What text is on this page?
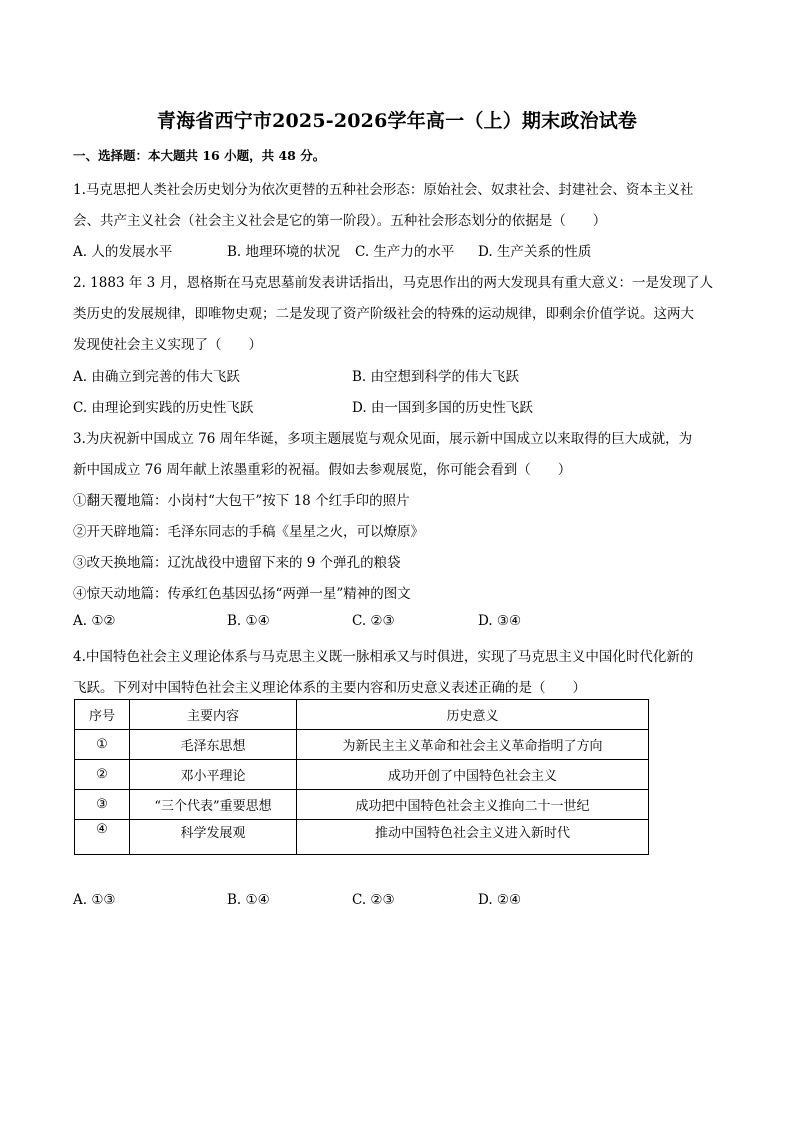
青海省西宁市2025-2026学年高一（上）期末政治试卷
一、选择题：本大题共 16 小题，共 48 分。
1.马克思把人类社会历史划分为依次更替的五种社会形态：原始社会、奴隶社会、封建社会、资本主义社
会、共产主义社会（社会主义社会是它的第一阶段）。五种社会形态划分的依据是（　　）
A. 人的发展水平	B. 地理环境的状况 C. 生产力的水平 D. 生产关系的性质
2. 1883 年 3 月，恩格斯在马克思墓前发表讲话指出，马克思作出的两大发现具有重大意义：一是发现了人
类历史的发展规律，即唯物史观；二是发现了资产阶级社会的特殊的运动规律，即剩余价值学说。这两大
发现使社会主义实现了（　　）
A. 由确立到完善的伟大飞跃	B. 由空想到科学的伟大飞跃
C. 由理论到实践的历史性飞跃	D. 由一国到多国的历史性飞跃
3.为庆祝新中国成立 76 周年华诞，多项主题展览与观众见面，展示新中国成立以来取得的巨大成就，为
新中国成立 76 周年献上浓墨重彩的祝福。假如去参观展览，你可能会看到（　　）
①翻天覆地篇：小岗村“大包干”按下 18 个红手印的照片
②开天辟地篇：毛泽东同志的手稿《星星之火，可以燎原》
③改天换地篇：辽沈战役中遗留下来的 9 个弹孔的粮袋
④惊天动地篇：传承红色基因弘扬“两弹一星”精神的图文
A. ①②	B. ①④	C. ②③	D. ③④
4.中国特色社会主义理论体系与马克思主义既一脉相承又与时俱进，实现了马克思主义中国化时代化新的
飞跃。下列对中国特色社会主义理论体系的主要内容和历史意义表述正确的是（　　）
序号	主要内容	历史意义
①	毛泽东思想	为新民主主义革命和社会主义革命指明了方向
②	邓小平理论	成功开创了中国特色社会主义
③	“三个代表”重要思想	成功把中国特色社会主义推向二十一世纪
④	科学发展观	推动中国特色社会主义进入新时代
A. ①③	B. ①④	C. ②③	D. ②④
